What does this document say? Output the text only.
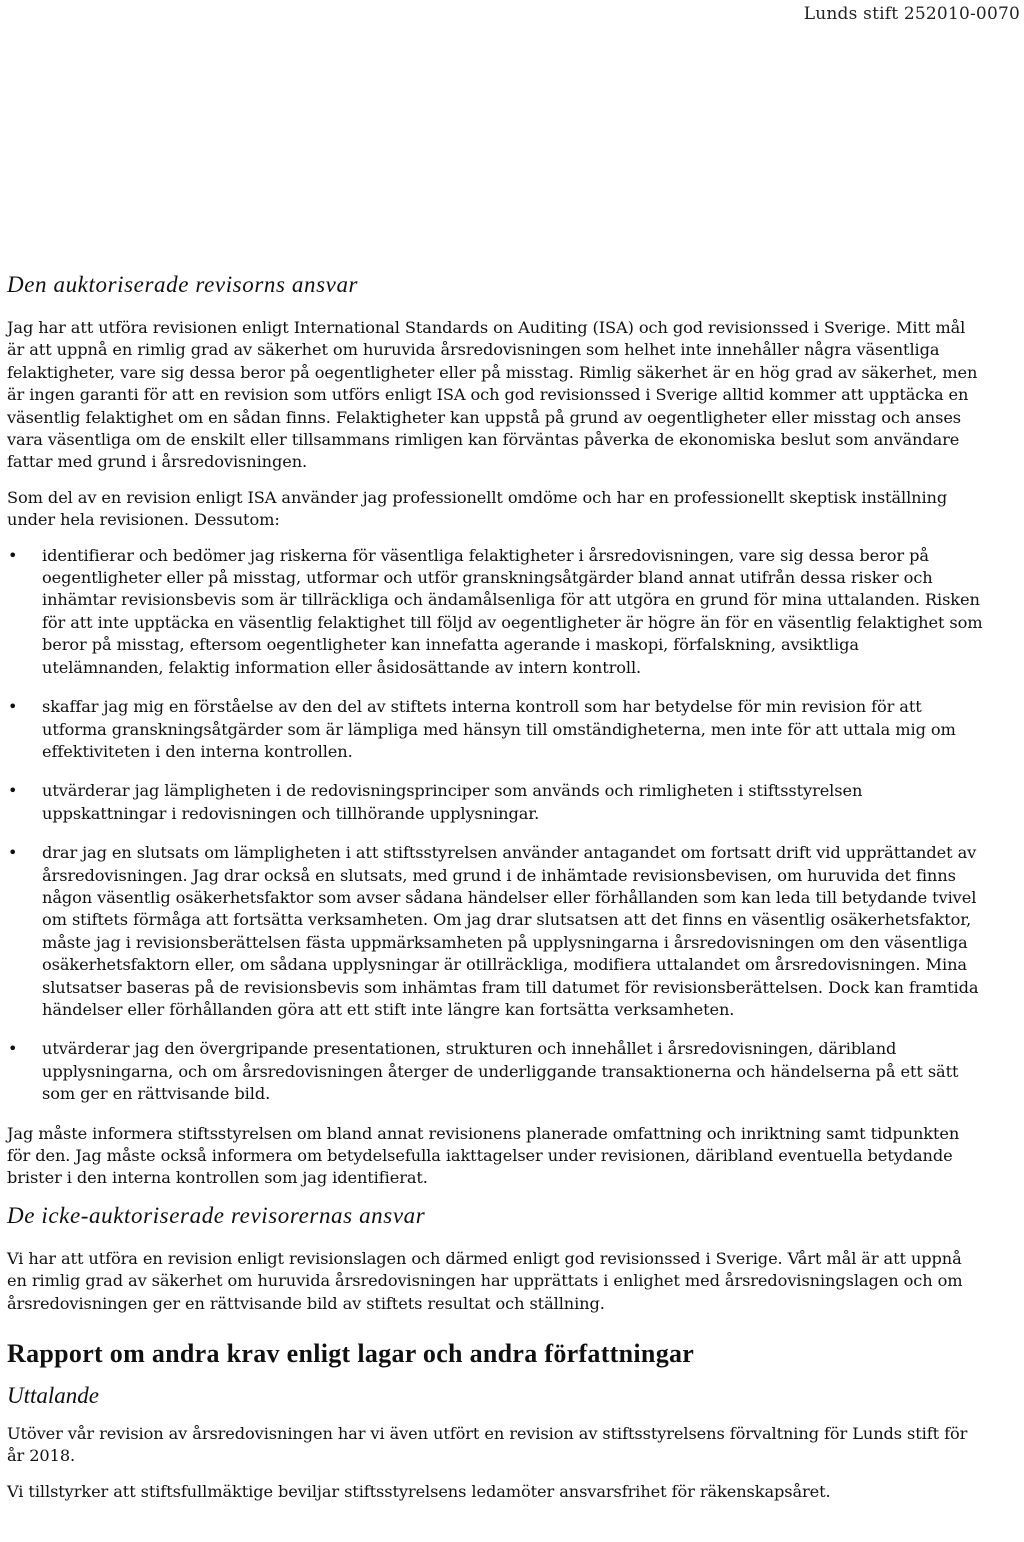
Lunds stift 252010-0070
Den auktoriserade revisorns ansvar

Jag har att utföra revisionen enligt International Standards on Auditing (ISA) och god revisionssed i Sverige. Mitt mål är att uppnå en rimlig grad av säkerhet om huruvida årsredovisningen som helhet inte innehåller några väsentliga felaktigheter, vare sig dessa beror på oegentligheter eller på misstag. Rimlig säkerhet är en hög grad av säkerhet, men är ingen garanti för att en revision som utförs enligt ISA och god revisionssed i Sverige alltid kommer att upptäcka en väsentlig felaktighet om en sådan finns. Felaktigheter kan uppstå på grund av oegentligheter eller misstag och anses vara väsentliga om de enskilt eller tillsammans rimligen kan förväntas påverka de ekonomiska beslut som användare fattar med grund i årsredovisningen.

Som del av en revision enligt ISA använder jag professionellt omdöme och har en professionellt skeptisk inställning under hela revisionen. Dessutom:

• identifierar och bedömer jag riskerna för väsentliga felaktigheter i årsredovisningen, vare sig dessa beror på oegentligheter eller på misstag, utformar och utför granskningsåtgärder bland annat utifrån dessa risker och inhämtar revisionsbevis som är tillräckliga och ändamålsenliga för att utgöra en grund för mina uttalanden. Risken för att inte upptäcka en väsentlig felaktighet till följd av oegentligheter är högre än för en väsentlig felaktighet som beror på misstag, eftersom oegentligheter kan innefatta agerande i maskopi, förfalskning, avsiktliga utelämnanden, felaktig information eller åsidosättande av intern kontroll.
• skaffar jag mig en förståelse av den del av stiftets interna kontroll som har betydelse för min revision för att utforma granskningsåtgärder som är lämpliga med hänsyn till omständigheterna, men inte för att uttala mig om effektiviteten i den interna kontrollen.
• utvärderar jag lämpligheten i de redovisningsprinciper som används och rimligheten i stiftsstyrelsen uppskattningar i redovisningen och tillhörande upplysningar.
• drar jag en slutsats om lämpligheten i att stiftsstyrelsen använder antagandet om fortsatt drift vid upprättandet av årsredovisningen. Jag drar också en slutsats, med grund i de inhämtade revisionsbevisen, om huruvida det finns någon väsentlig osäkerhetsfaktor som avser sådana händelser eller förhållanden som kan leda till betydande tvivel om stiftets förmåga att fortsätta verksamheten. Om jag drar slutsatsen att det finns en väsentlig osäkerhetsfaktor, måste jag i revisionsberättelsen fästa uppmärksamheten på upplysningarna i årsredovisningen om den väsentliga osäkerhetsfaktorn eller, om sådana upplysningar är otillräckliga, modifiera uttalandet om årsredovisningen. Mina slutsatser baseras på de revisionsbevis som inhämtas fram till datumet för revisionsberättelsen. Dock kan framtida händelser eller förhållanden göra att ett stift inte längre kan fortsätta verksamheten.
• utvärderar jag den övergripande presentationen, strukturen och innehållet i årsredovisningen, däribland upplysningarna, och om årsredovisningen återger de underliggande transaktionerna och händelserna på ett sätt som ger en rättvisande bild.

Jag måste informera stiftsstyrelsen om bland annat revisionens planerade omfattning och inriktning samt tidpunkten för den. Jag måste också informera om betydelsefulla iakttagelser under revisionen, däribland eventuella betydande brister i den interna kontrollen som jag identifierat.

De icke-auktoriserade revisorernas ansvar

Vi har att utföra en revision enligt revisionslagen och därmed enligt god revisionssed i Sverige. Vårt mål är att uppnå en rimlig grad av säkerhet om huruvida årsredovisningen har upprättats i enlighet med årsredovisningslagen och om årsredovisningen ger en rättvisande bild av stiftets resultat och ställning.

Rapport om andra krav enligt lagar och andra författningar
Uttalande

Utöver vår revision av årsredovisningen har vi även utfört en revision av stiftsstyrelsens förvaltning för Lunds stift för år 2018.

Vi tillstyrker att stiftsfullmäktige beviljar stiftsstyrelsens ledamöter ansvarsfrihet för räkenskapsåret.
